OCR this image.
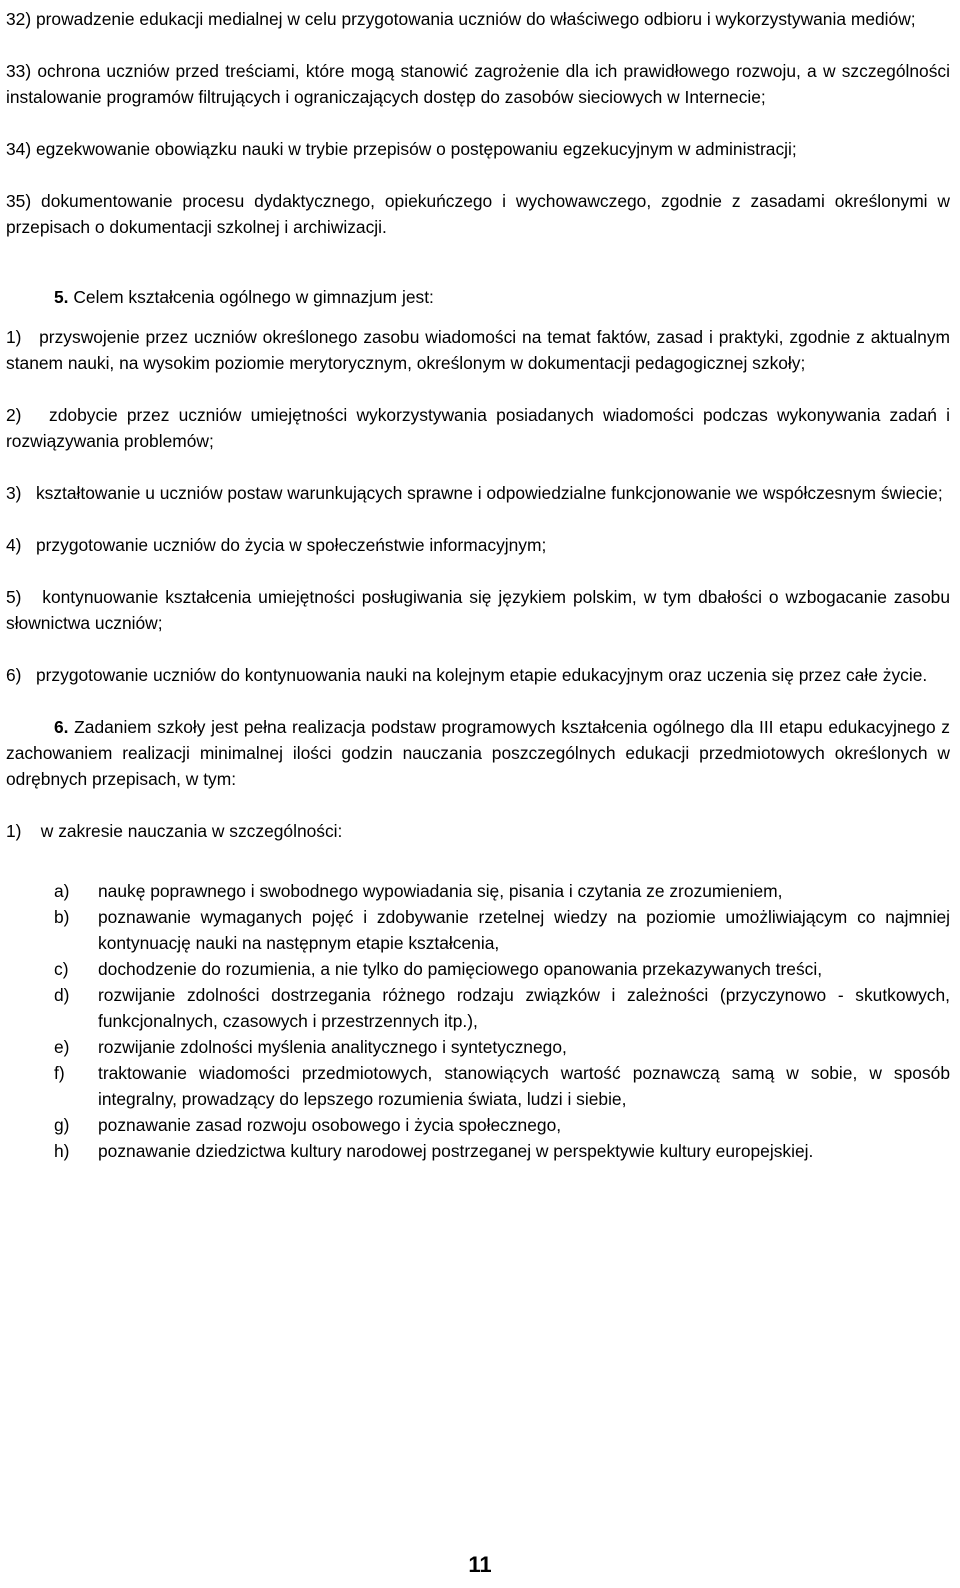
32) prowadzenie edukacji medialnej w celu przygotowania uczniów do właściwego odbioru i wykorzystywania mediów;

33) ochrona uczniów przed treściami, które mogą stanowić zagrożenie dla ich prawidłowego rozwoju, a w szczególności instalowanie programów filtrujących i ograniczających dostęp do zasobów sieciowych w Internecie;

34) egzekwowanie obowiązku nauki w trybie przepisów o postępowaniu egzekucyjnym w administracji;

35) dokumentowanie procesu dydaktycznego, opiekuńczego i wychowawczego, zgodnie z zasadami określonymi w przepisach o dokumentacji szkolnej i archiwizacji.

5. Celem kształcenia ogólnego w gimnazjum jest:

1) przyswojenie przez uczniów określonego zasobu wiadomości na temat faktów, zasad i praktyki, zgodnie z aktualnym stanem nauki, na wysokim poziomie merytorycznym, określonym w dokumentacji pedagogicznej szkoły;

2) zdobycie przez uczniów umiejętności wykorzystywania posiadanych wiadomości podczas wykonywania zadań i rozwiązywania problemów;

3) kształtowanie u uczniów postaw warunkujących sprawne i odpowiedzialne funkcjonowanie we współczesnym świecie;

4) przygotowanie uczniów do życia w społeczeństwie informacyjnym;

5) kontynuowanie kształcenia umiejętności posługiwania się językiem polskim, w tym dbałości o wzbogacanie zasobu słownictwa uczniów;

6) przygotowanie uczniów do kontynuowania nauki na kolejnym etapie edukacyjnym oraz uczenia się przez całe życie.

6. Zadaniem szkoły jest pełna realizacja podstaw programowych kształcenia ogólnego dla III etapu edukacyjnego z zachowaniem realizacji minimalnej ilości godzin nauczania poszczególnych edukacji przedmiotowych określonych w odrębnych przepisach, w tym:

1) w zakresie nauczania w szczególności:

a)	naukę poprawnego i swobodnego wypowiadania się, pisania i czytania ze zrozumieniem,
b)	poznawanie wymaganych pojęć i zdobywanie rzetelnej wiedzy na poziomie umożliwiającym co najmniej kontynuację nauki na następnym etapie kształcenia,
c)	dochodzenie do rozumienia, a nie tylko do pamięciowego opanowania przekazywanych treści,
d)	rozwijanie zdolności dostrzegania różnego rodzaju związków i zależności (przyczynowo - skutkowych, funkcjonalnych, czasowych i przestrzennych itp.),
e)	rozwijanie zdolności myślenia analitycznego i syntetycznego,
f)	traktowanie wiadomości przedmiotowych, stanowiących wartość poznawczą samą w sobie, w sposób integralny, prowadzący do lepszego rozumienia świata, ludzi i siebie,
g)	poznawanie zasad rozwoju osobowego i życia społecznego,
h)	poznawanie dziedzictwa kultury narodowej postrzeganej w perspektywie kultury europejskiej.
11
